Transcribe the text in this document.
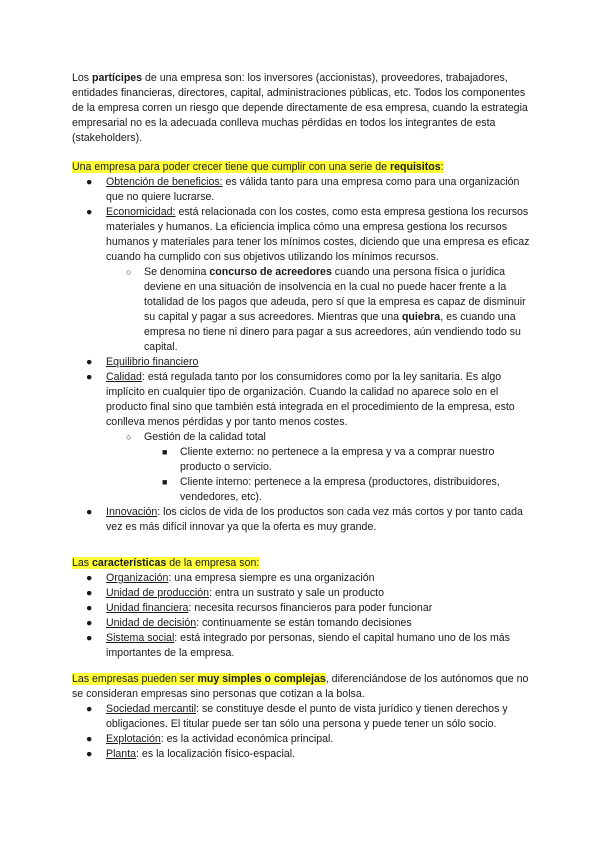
Los partícipes de una empresa son: los inversores (accionistas), proveedores, trabajadores, entidades financieras, directores, capital, administraciones públicas, etc. Todos los componentes de la empresa corren un riesgo que depende directamente de esa empresa, cuando la estrategia empresarial no es la adecuada conlleva muchas pérdidas en todos los integrantes de esta (stakeholders).

Una empresa para poder crecer tiene que cumplir con una serie de requisitos:

● Obtención de beneficios: es válida tanto para una empresa como para una organización que no quiere lucrarse.
● Economicidad: está relacionada con los costes, como esta empresa gestiona los recursos materiales y humanos. La eficiencia implica cómo una empresa gestiona los recursos humanos y materiales para tener los mínimos costes, diciendo que una empresa es eficaz cuando ha cumplido con sus objetivos utilizando los mínimos recursos.
○ Se denomina concurso de acreedores cuando una persona física o jurídica deviene en una situación de insolvencia en la cual no puede hacer frente a la totalidad de los pagos que adeuda, pero sí que la empresa es capaz de disminuir su capital y pagar a sus acreedores. Mientras que una quiebra, es cuando una empresa no tiene ni dinero para pagar a sus acreedores, aún vendiendo todo su capital.
● Equilibrio financiero
● Calidad: está regulada tanto por los consumidores como por la ley sanitaria. Es algo implícito en cualquier tipo de organización. Cuando la calidad no aparece solo en el producto final sino que también está integrada en el procedimiento de la empresa, esto conlleva menos pérdidas y por tanto menos costes.
○ Gestión de la calidad total
■ Cliente externo: no pertenece a la empresa y va a comprar nuestro producto o servicio.
■ Cliente interno: pertenece a la empresa (productores, distribuidores, vendedores, etc).
● Innovación: los ciclos de vida de los productos son cada vez más cortos y por tanto cada vez es más difícil innovar ya que la oferta es muy grande.

Las características de la empresa son:

● Organización: una empresa siempre es una organización
● Unidad de producción: entra un sustrato y sale un producto
● Unidad financiera: necesita recursos financieros para poder funcionar
● Unidad de decisión: continuamente se están tomando decisiones
● Sistema social: está integrado por personas, siendo el capital humano uno de los más importantes de la empresa.

Las empresas pueden ser muy simples o complejas, diferenciándose de los autónomos que no se consideran empresas sino personas que cotizan a la bolsa.

● Sociedad mercantil: se constituye desde el punto de vista jurídico y tienen derechos y obligaciones. El titular puede ser tan sólo una persona y puede tener un sólo socio.
● Explotación: es la actividad económica principal.
● Planta: es la localización físico-espacial.
